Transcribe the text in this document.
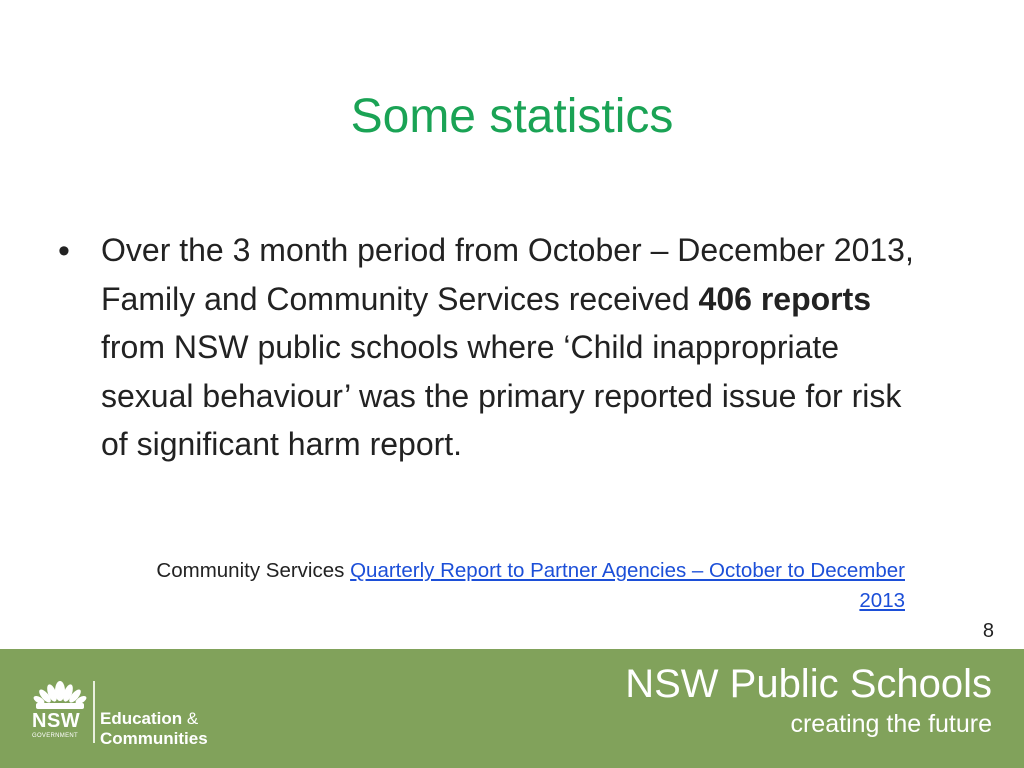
Some statistics
• Over the 3 month period from October – December 2013, Family and Community Services received 406 reports from NSW public schools where ‘Child inappropriate sexual behaviour’ was the primary reported issue for risk of significant harm report.
Community Services Quarterly Report to Partner Agencies – October to December 2013
8
NSW
GOVERNMENT
Education &
Communities
NSW Public Schools
creating the future
